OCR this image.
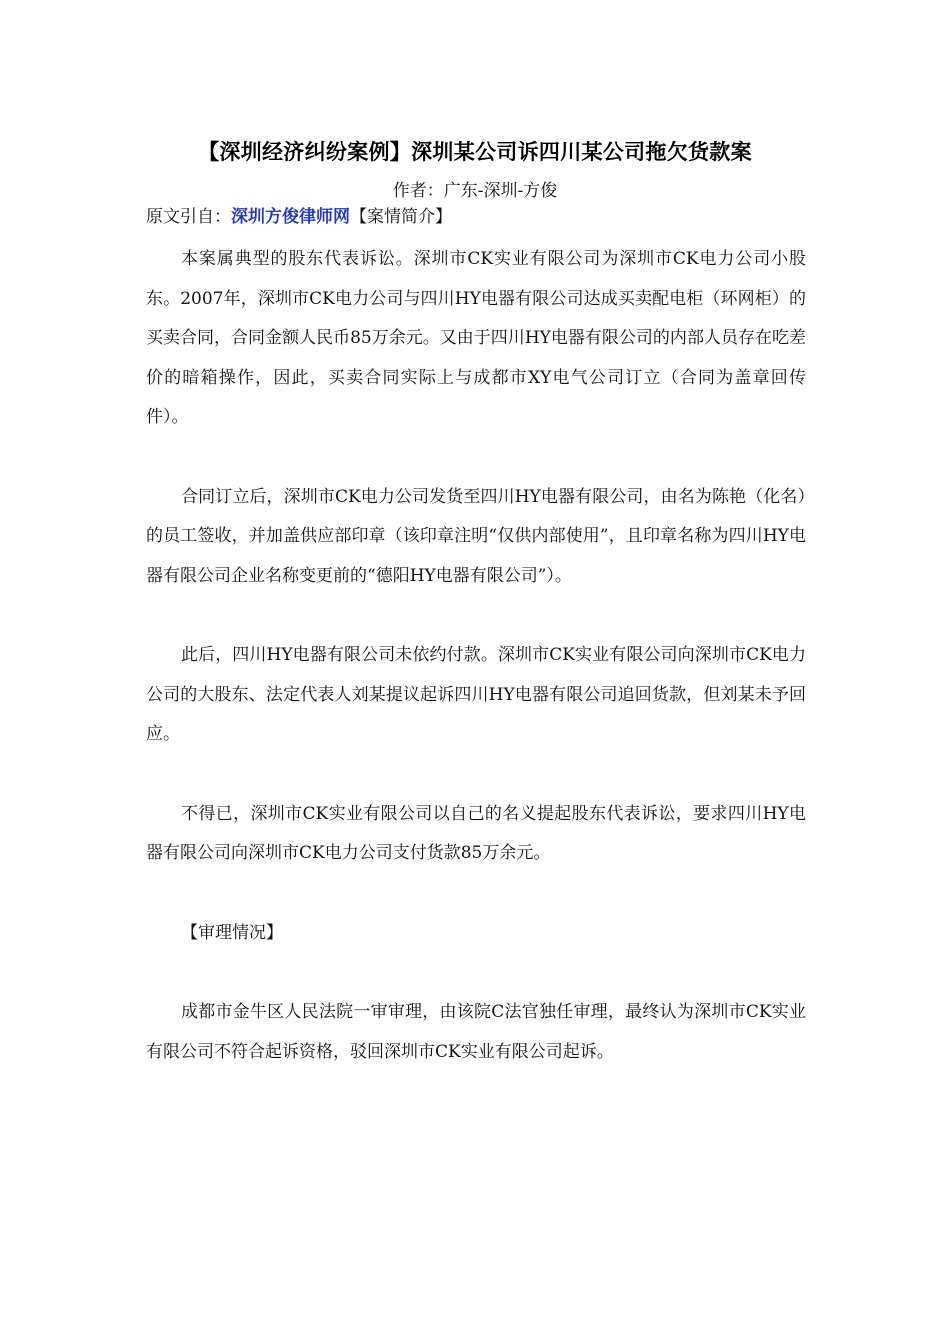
【深圳经济纠纷案例】深圳某公司诉四川某公司拖欠货款案
作者：广东-深圳-方俊
原文引自：深圳方俊律师网【案情简介】

本案属典型的股东代表诉讼。深圳市CK实业有限公司为深圳市CK电力公司小股东。2007年，深圳市CK电力公司与四川HY电器有限公司达成买卖配电柜（环网柜）的买卖合同，合同金额人民币85万余元。又由于四川HY电器有限公司的内部人员存在吃差价的暗箱操作，因此，买卖合同实际上与成都市XY电气公司订立（合同为盖章回传件）。

合同订立后，深圳市CK电力公司发货至四川HY电器有限公司，由名为陈艳（化名）的员工签收，并加盖供应部印章（该印章注明“仅供内部使用”，且印章名称为四川HY电器有限公司企业名称变更前的“德阳HY电器有限公司”）。

此后，四川HY电器有限公司未依约付款。深圳市CK实业有限公司向深圳市CK电力公司的大股东、法定代表人刘某提议起诉四川HY电器有限公司追回货款，但刘某未予回应。

不得已，深圳市CK实业有限公司以自己的名义提起股东代表诉讼，要求四川HY电器有限公司向深圳市CK电力公司支付货款85万余元。

【审理情况】

成都市金牛区人民法院一审审理，由该院C法官独任审理，最终认为深圳市CK实业有限公司不符合起诉资格，驳回深圳市CK实业有限公司起诉。
